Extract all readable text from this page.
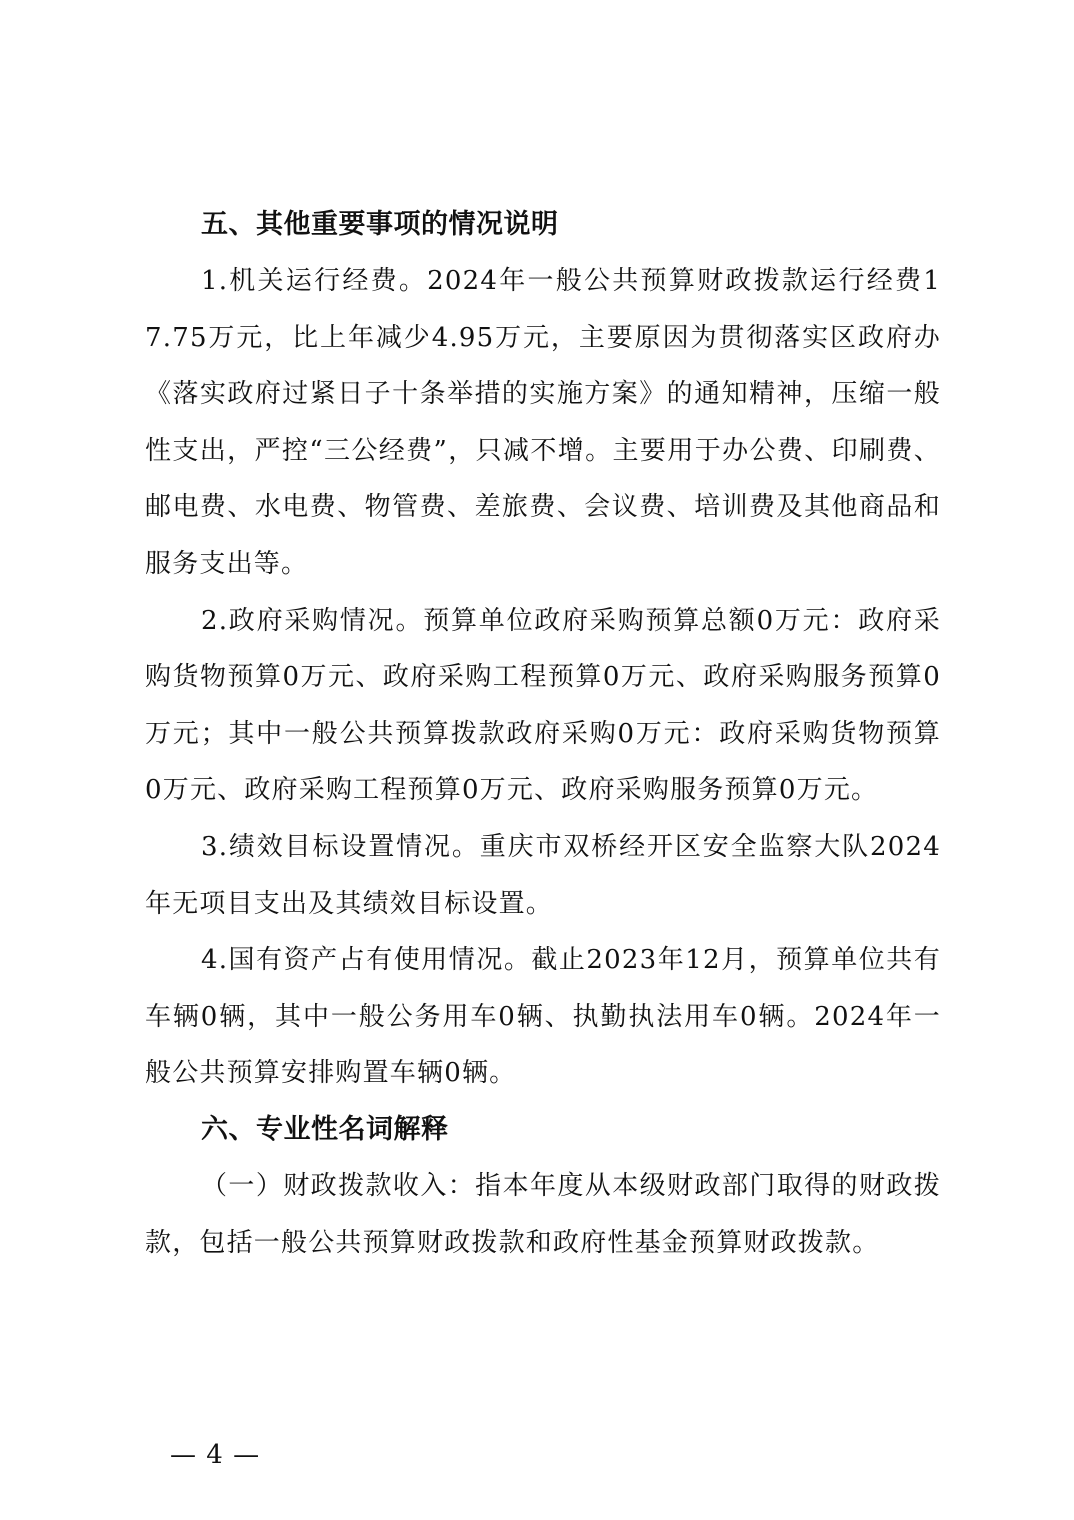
五、其他重要事项的情况说明

1.机关运行经费。2024年一般公共预算财政拨款运行经费17.75万元，比上年减少4.95万元，主要原因为贯彻落实区政府办《落实政府过紧日子十条举措的实施方案》的通知精神，压缩一般性支出，严控“三公经费”，只减不增。主要用于办公费、印刷费、邮电费、水电费、物管费、差旅费、会议费、培训费及其他商品和服务支出等。

2.政府采购情况。预算单位政府采购预算总额0万元：政府采购货物预算0万元、政府采购工程预算0万元、政府采购服务预算0万元；其中一般公共预算拨款政府采购0万元：政府采购货物预算0万元、政府采购工程预算0万元、政府采购服务预算0万元。

3.绩效目标设置情况。重庆市双桥经开区安全监察大队2024年无项目支出及其绩效目标设置。

4.国有资产占有使用情况。截止2023年12月，预算单位共有车辆0辆，其中一般公务用车0辆、执勤执法用车0辆。2024年一般公共预算安排购置车辆0辆。

六、专业性名词解释

（一）财政拨款收入：指本年度从本级财政部门取得的财政拨款，包括一般公共预算财政拨款和政府性基金预算财政拨款。

— 4 —
